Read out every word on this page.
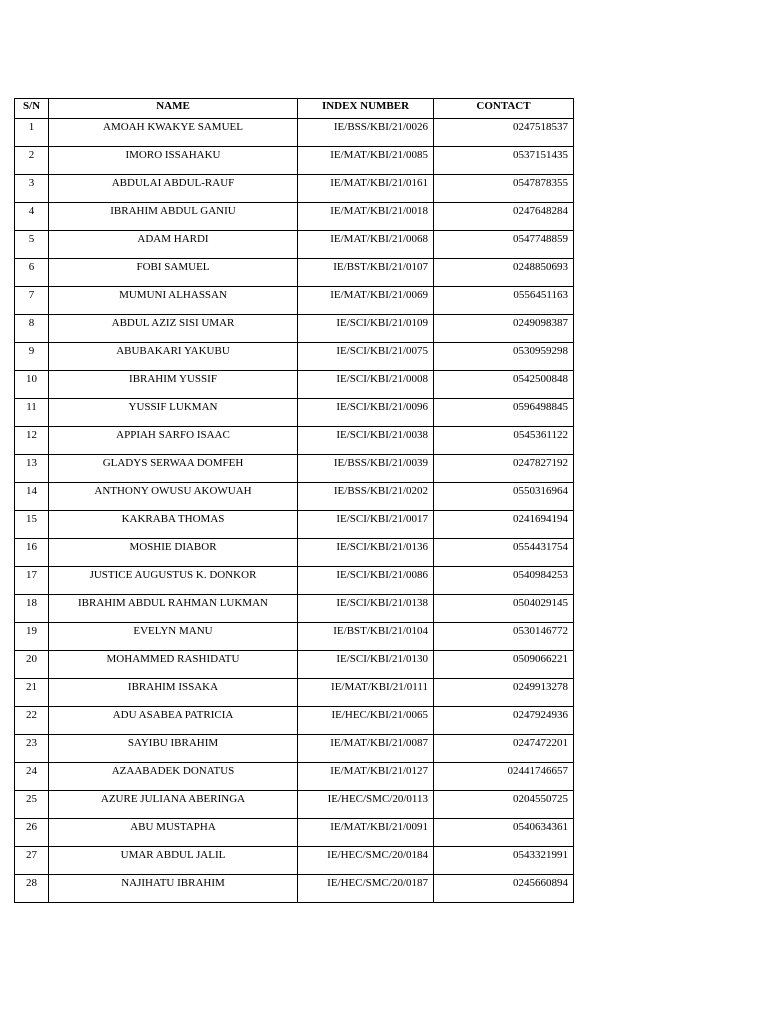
S/N	NAME	INDEX NUMBER	CONTACT
1	AMOAH KWAKYE SAMUEL	IE/BSS/KBI/21/0026	0247518537
2	IMORO ISSAHAKU	IE/MAT/KBI/21/0085	0537151435
3	ABDULAI ABDUL-RAUF	IE/MAT/KBI/21/0161	0547878355
4	IBRAHIM ABDUL GANIU	IE/MAT/KBI/21/0018	0247648284
5	ADAM HARDI	IE/MAT/KBI/21/0068	0547748859
6	FOBI SAMUEL	IE/BST/KBI/21/0107	0248850693
7	MUMUNI ALHASSAN	IE/MAT/KBI/21/0069	0556451163
8	ABDUL AZIZ SISI UMAR	IE/SCI/KBI/21/0109	0249098387
9	ABUBAKARI YAKUBU	IE/SCI/KBI/21/0075	0530959298
10	IBRAHIM YUSSIF	IE/SCI/KBI/21/0008	0542500848
11	YUSSIF LUKMAN	IE/SCI/KBI/21/0096	0596498845
12	APPIAH SARFO ISAAC	IE/SCI/KBI/21/0038	0545361122
13	GLADYS SERWAA DOMFEH	IE/BSS/KBI/21/0039	0247827192
14	ANTHONY OWUSU AKOWUAH	IE/BSS/KBI/21/0202	0550316964
15	KAKRABA THOMAS	IE/SCI/KBI/21/0017	0241694194
16	MOSHIE DIABOR	IE/SCI/KBI/21/0136	0554431754
17	JUSTICE AUGUSTUS K. DONKOR	IE/SCI/KBI/21/0086	0540984253
18	IBRAHIM ABDUL RAHMAN LUKMAN	IE/SCI/KBI/21/0138	0504029145
19	EVELYN MANU	IE/BST/KBI/21/0104	0530146772
20	MOHAMMED RASHIDATU	IE/SCI/KBI/21/0130	0509066221
21	IBRAHIM ISSAKA	IE/MAT/KBI/21/0111	0249913278
22	ADU ASABEA PATRICIA	IE/HEC/KBI/21/0065	0247924936
23	SAYIBU IBRAHIM	IE/MAT/KBI/21/0087	0247472201
24	AZAABADEK DONATUS	IE/MAT/KBI/21/0127	02441746657
25	AZURE JULIANA ABERINGA	IE/HEC/SMC/20/0113	0204550725
26	ABU MUSTAPHA	IE/MAT/KBI/21/0091	0540634361
27	UMAR ABDUL JALIL	IE/HEC/SMC/20/0184	0543321991
28	NAJIHATU IBRAHIM	IE/HEC/SMC/20/0187	0245660894
